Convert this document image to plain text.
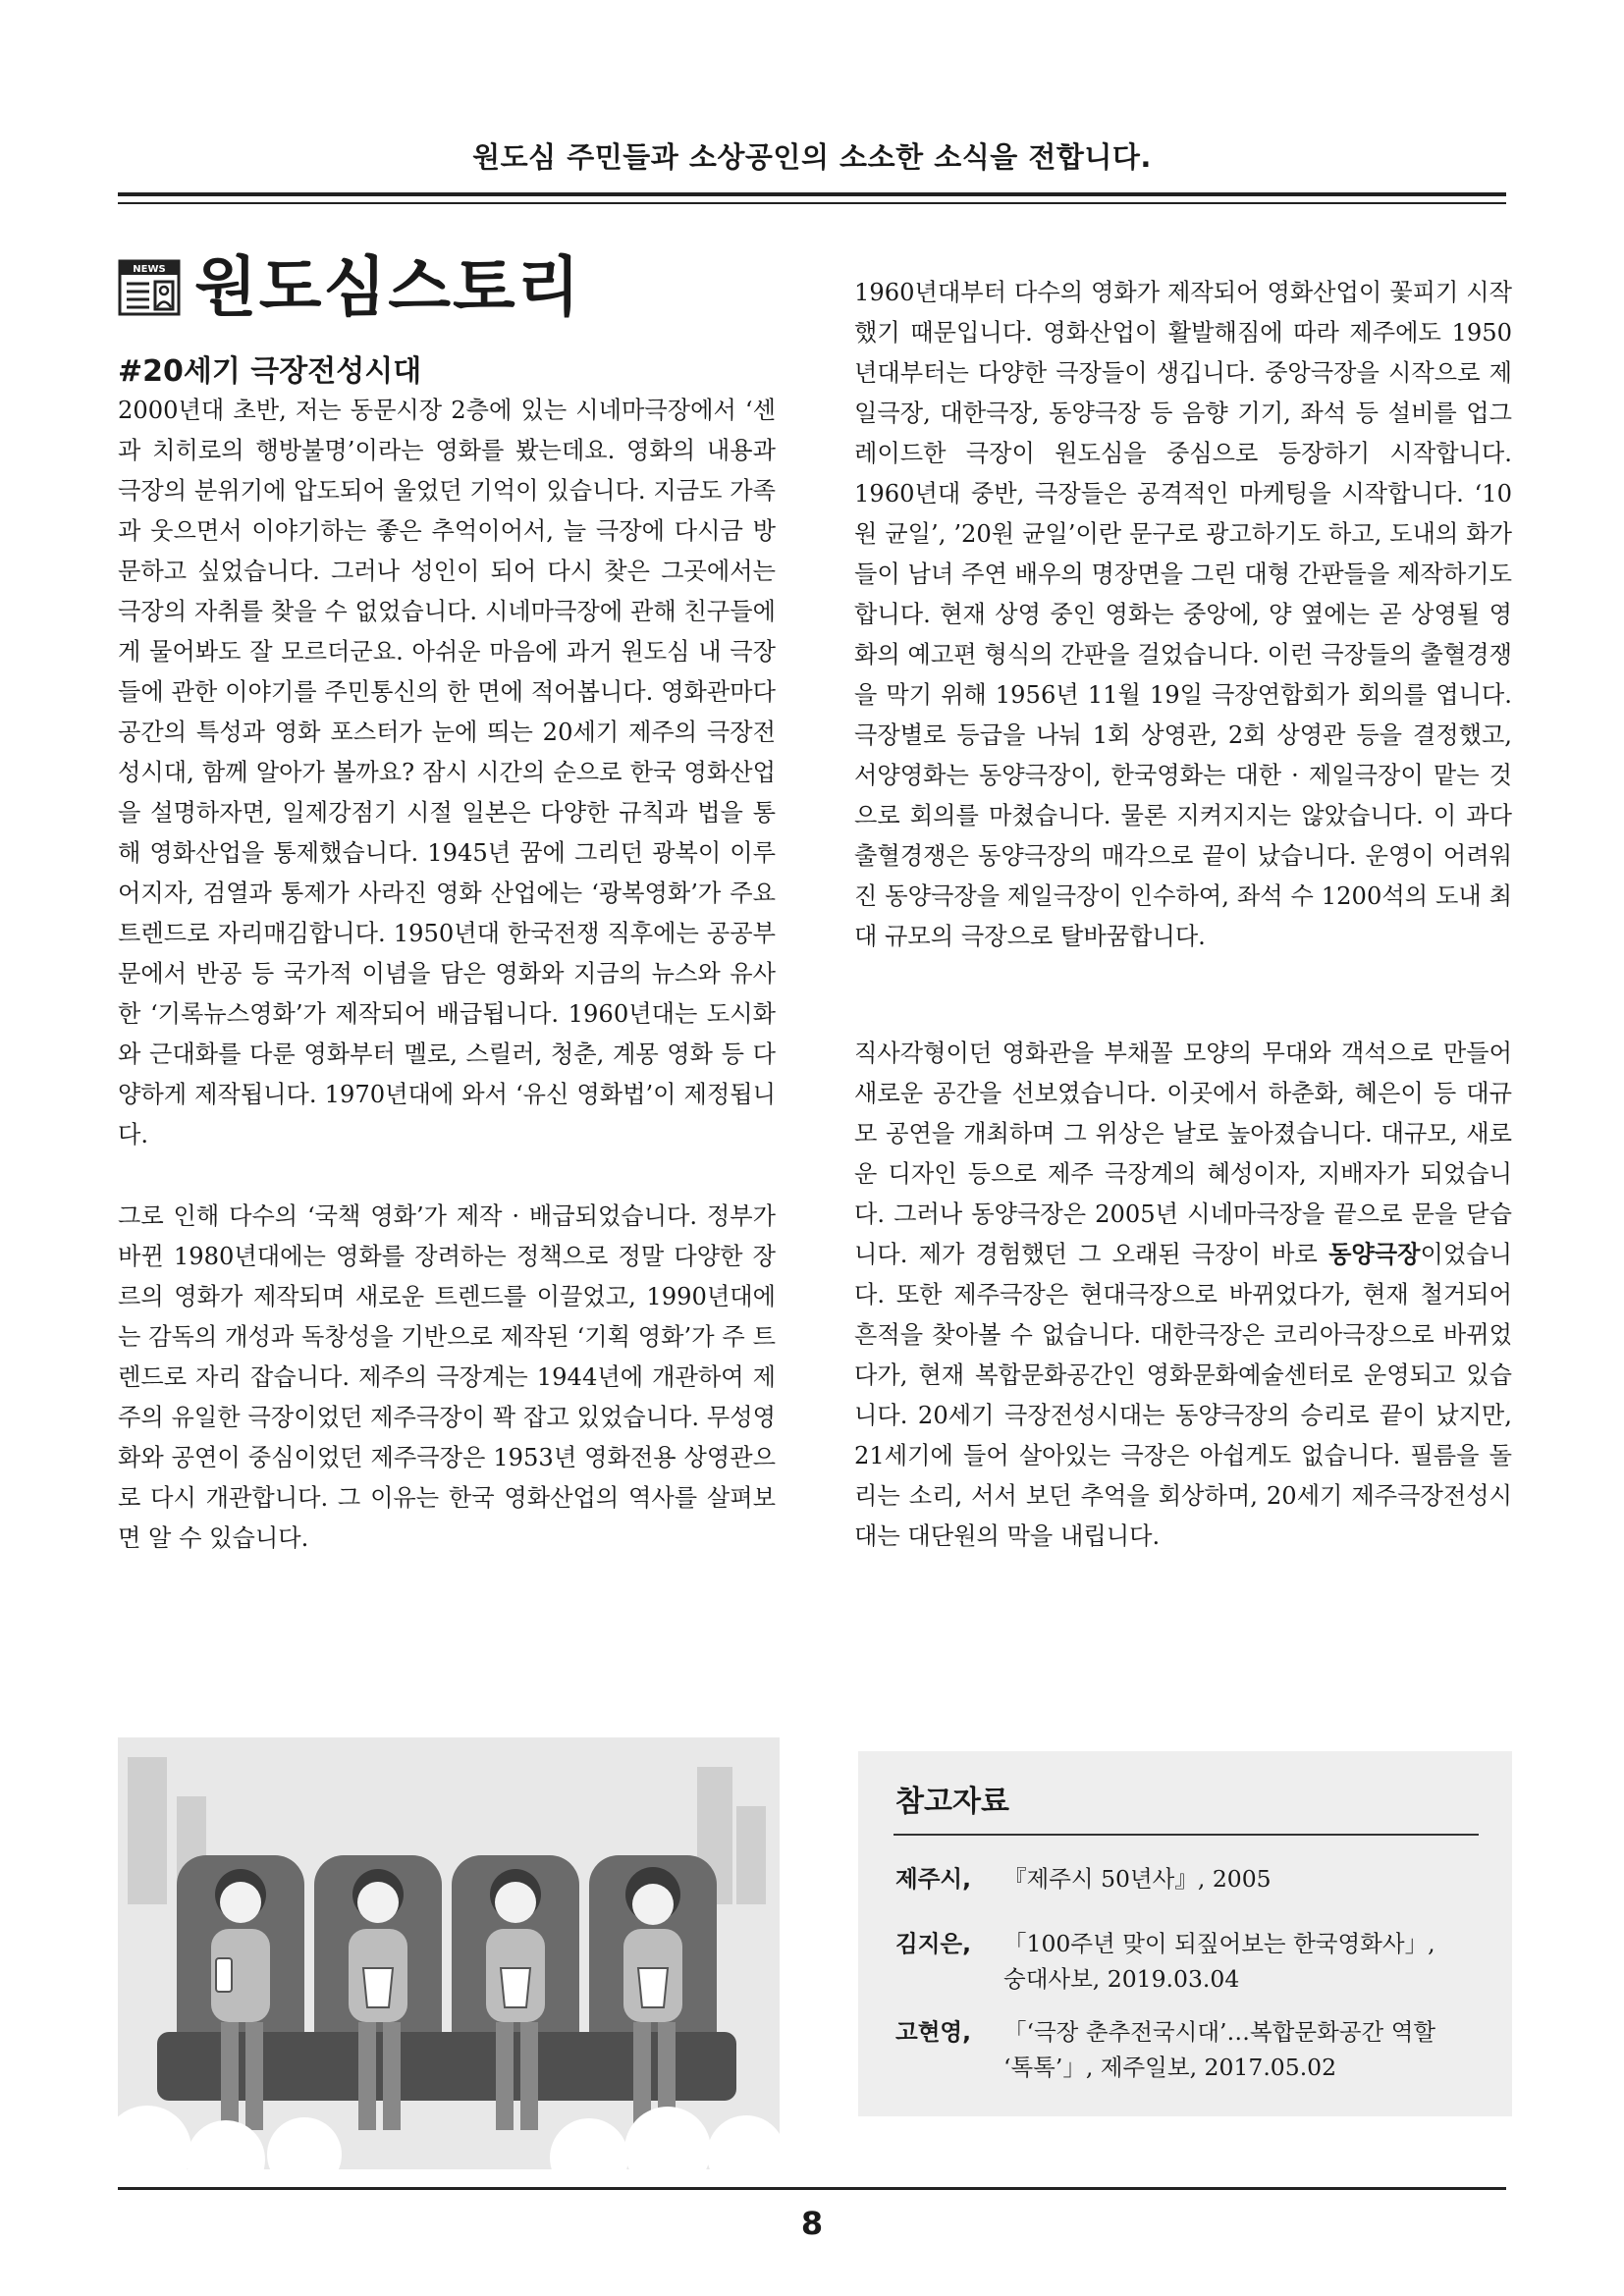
원도심 주민들과 소상공인의 소소한 소식을 전합니다.
NEWS 원도심스토리
#20세기 극장전성시대

2000년대 초반, 저는 동문시장 2층에 있는 시네마극장에서 ‘센과 치히로의 행방불명’이라는 영화를 봤는데요. 영화의 내용과 극장의 분위기에 압도되어 울었던 기억이 있습니다. 지금도 가족과 웃으면서 이야기하는 좋은 추억이어서, 늘 극장에 다시금 방문하고 싶었습니다. 그러나 성인이 되어 다시 찾은 그곳에서는 극장의 자취를 찾을 수 없었습니다. 시네마극장에 관해 친구들에게 물어봐도 잘 모르더군요. 아쉬운 마음에 과거 원도심 내 극장들에 관한 이야기를 주민통신의 한 면에 적어봅니다. 영화관마다 공간의 특성과 영화 포스터가 눈에 띄는 20세기 제주의 극장전성시대, 함께 알아가 볼까요? 잠시 시간의 순으로 한국 영화산업을 설명하자면, 일제강점기 시절 일본은 다양한 규칙과 법을 통해 영화산업을 통제했습니다. 1945년 꿈에 그리던 광복이 이루어지자, 검열과 통제가 사라진 영화 산업에는 ‘광복영화’가 주요 트렌드로 자리매김합니다. 1950년대 한국전쟁 직후에는 공공부문에서 반공 등 국가적 이념을 담은 영화와 지금의 뉴스와 유사한 ‘기록뉴스영화’가 제작되어 배급됩니다. 1960년대는 도시화와 근대화를 다룬 영화부터 멜로, 스릴러, 청춘, 계몽 영화 등 다양하게 제작됩니다. 1970년대에 와서 ‘유신 영화법’이 제정됩니다.

그로 인해 다수의 ‘국책 영화’가 제작 · 배급되었습니다. 정부가 바뀐 1980년대에는 영화를 장려하는 정책으로 정말 다양한 장르의 영화가 제작되며 새로운 트렌드를 이끌었고, 1990년대에는 감독의 개성과 독창성을 기반으로 제작된 ‘기획 영화’가 주 트렌드로 자리 잡습니다. 제주의 극장계는 1944년에 개관하여 제주의 유일한 극장이었던 제주극장이 꽉 잡고 있었습니다. 무성영화와 공연이 중심이었던 제주극장은 1953년 영화전용 상영관으로 다시 개관합니다. 그 이유는 한국 영화산업의 역사를 살펴보면 알 수 있습니다.

1960년대부터 다수의 영화가 제작되어 영화산업이 꽃피기 시작했기 때문입니다. 영화산업이 활발해짐에 따라 제주에도 1950년대부터는 다양한 극장들이 생깁니다. 중앙극장을 시작으로 제일극장, 대한극장, 동양극장 등 음향 기기, 좌석 등 설비를 업그레이드한 극장이 원도심을 중심으로 등장하기 시작합니다. 1960년대 중반, 극장들은 공격적인 마케팅을 시작합니다. ‘10원 균일’, ’20원 균일’이란 문구로 광고하기도 하고, 도내의 화가들이 남녀 주연 배우의 명장면을 그린 대형 간판들을 제작하기도 합니다. 현재 상영 중인 영화는 중앙에, 양 옆에는 곧 상영될 영화의 예고편 형식의 간판을 걸었습니다. 이런 극장들의 출혈경쟁을 막기 위해 1956년 11월 19일 극장연합회가 회의를 엽니다. 극장별로 등급을 나눠 1회 상영관, 2회 상영관 등을 결정했고, 서양영화는 동양극장이, 한국영화는 대한 · 제일극장이 맡는 것으로 회의를 마쳤습니다. 물론 지켜지지는 않았습니다. 이 과다 출혈경쟁은 동양극장의 매각으로 끝이 났습니다. 운영이 어려워진 동양극장을 제일극장이 인수하여, 좌석 수 1200석의 도내 최대 규모의 극장으로 탈바꿈합니다.

직사각형이던 영화관을 부채꼴 모양의 무대와 객석으로 만들어 새로운 공간을 선보였습니다. 이곳에서 하춘화, 혜은이 등 대규모 공연을 개최하며 그 위상은 날로 높아졌습니다. 대규모, 새로운 디자인 등으로 제주 극장계의 혜성이자, 지배자가 되었습니다. 그러나 동양극장은 2005년 시네마극장을 끝으로 문을 닫습니다. 제가 경험했던 그 오래된 극장이 바로 동양극장이었습니다. 또한 제주극장은 현대극장으로 바뀌었다가, 현재 철거되어 흔적을 찾아볼 수 없습니다. 대한극장은 코리아극장으로 바뀌었다가, 현재 복합문화공간인 영화문화예술센터로 운영되고 있습니다. 20세기 극장전성시대는 동양극장의 승리로 끝이 났지만, 21세기에 들어 살아있는 극장은 아쉽게도 없습니다. 필름을 돌리는 소리, 서서 보던 추억을 회상하며, 20세기 제주극장전성시대는 대단원의 막을 내립니다.

참고자료
제주시, 『제주시 50년사』, 2005
김지은, 「100주년 맞이 되짚어보는 한국영화사」,
숭대사보, 2019.03.04
고현영, 「‘극장 춘추전국시대’…복합문화공간 역할
‘톡톡’」, 제주일보, 2017.05.02
8
